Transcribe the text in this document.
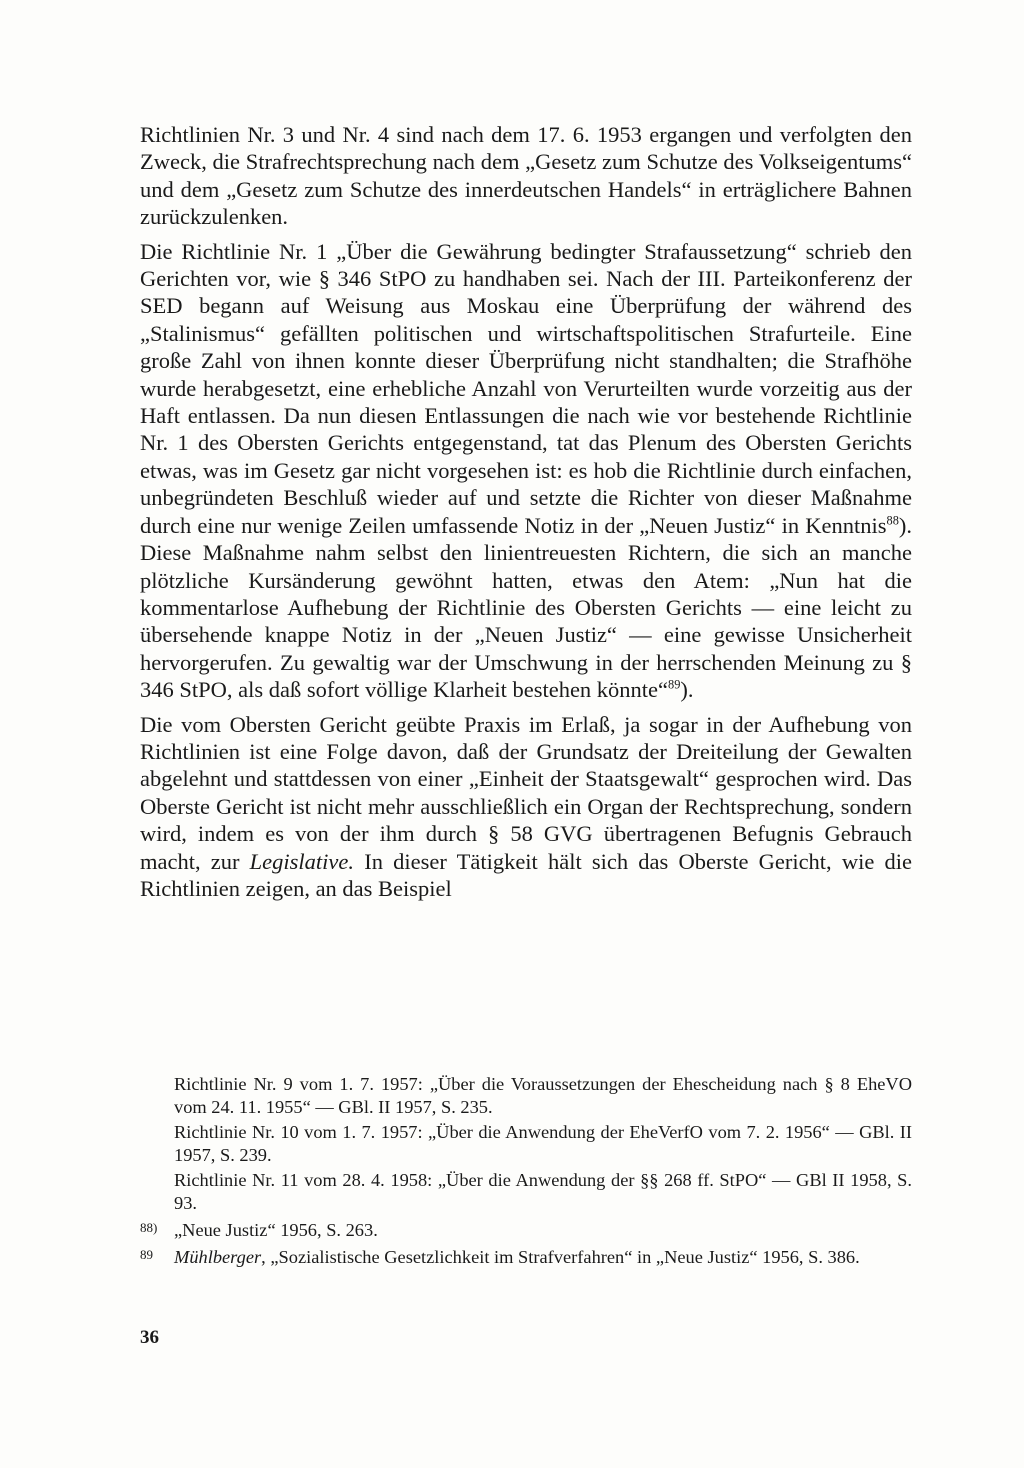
Richtlinien Nr. 3 und Nr. 4 sind nach dem 17. 6. 1953 ergangen und verfolgten den Zweck, die Strafrechtsprechung nach dem „Gesetz zum Schutze des Volkseigentums“ und dem „Gesetz zum Schutze des innerdeutschen Handels“ in erträglichere Bahnen zurückzulenken.

Die Richtlinie Nr. 1 „Über die Gewährung bedingter Strafaussetzung“ schrieb den Gerichten vor, wie § 346 StPO zu handhaben sei. Nach der III. Parteikonferenz der SED begann auf Weisung aus Moskau eine Überprüfung der während des „Stalinismus“ gefällten politischen und wirtschaftspolitischen Strafurteile. Eine große Zahl von ihnen konnte dieser Überprüfung nicht standhalten; die Strafhöhe wurde herabgesetzt, eine erhebliche Anzahl von Verurteilten wurde vorzeitig aus der Haft entlassen. Da nun diesen Entlassungen die nach wie vor bestehende Richtlinie Nr. 1 des Obersten Gerichts entgegenstand, tat das Plenum des Obersten Gerichts etwas, was im Gesetz gar nicht vorgesehen ist: es hob die Richtlinie durch einfachen, unbegründeten Beschluß wieder auf und setzte die Richter von dieser Maßnahme durch eine nur wenige Zeilen umfassende Notiz in der „Neuen Justiz“ in Kenntnis$^{88}$). Diese Maßnahme nahm selbst den linientreuesten Richtern, die sich an manche plötzliche Kursänderung gewöhnt hatten, etwas den Atem: „Nun hat die kommentarlose Aufhebung der Richtlinie des Obersten Gerichts — eine leicht zu übersehende knappe Notiz in der „Neuen Justiz“ — eine gewisse Unsicherheit hervorgerufen. Zu gewaltig war der Umschwung in der herrschenden Meinung zu § 346 StPO, als daß sofort völlige Klarheit bestehen könnte“$^{89}$).

Die vom Obersten Gericht geübte Praxis im Erlaß, ja sogar in der Aufhebung von Richtlinien ist eine Folge davon, daß der Grundsatz der Dreiteilung der Gewalten abgelehnt und stattdessen von einer „Einheit der Staatsgewalt“ gesprochen wird. Das Oberste Gericht ist nicht mehr ausschließlich ein Organ der Rechtsprechung, sondern wird, indem es von der ihm durch § 58 GVG übertragenen Befugnis Gebrauch macht, zur Legislative. In dieser Tätigkeit hält sich das Oberste Gericht, wie die Richtlinien zeigen, an das Beispiel

Richtlinie Nr. 9 vom 1. 7. 1957: „Über die Voraussetzungen der Ehescheidung nach § 8 EheVO vom 24. 11. 1955“ — GBl. II 1957, S. 235.
Richtlinie Nr. 10 vom 1. 7. 1957: „Über die Anwendung der EheVerfO vom 7. 2. 1956“ — GBl. II 1957, S. 239.
Richtlinie Nr. 11 vom 28. 4. 1958: „Über die Anwendung der §§ 268 ff. StPO“ — GBl II 1958, S. 93.
88) „Neue Justiz“ 1956, S. 263.
89	Mühlberger, „Sozialistische Gesetzlichkeit im Strafverfahren“ in „Neue Justiz“ 1956, S. 386.
36
